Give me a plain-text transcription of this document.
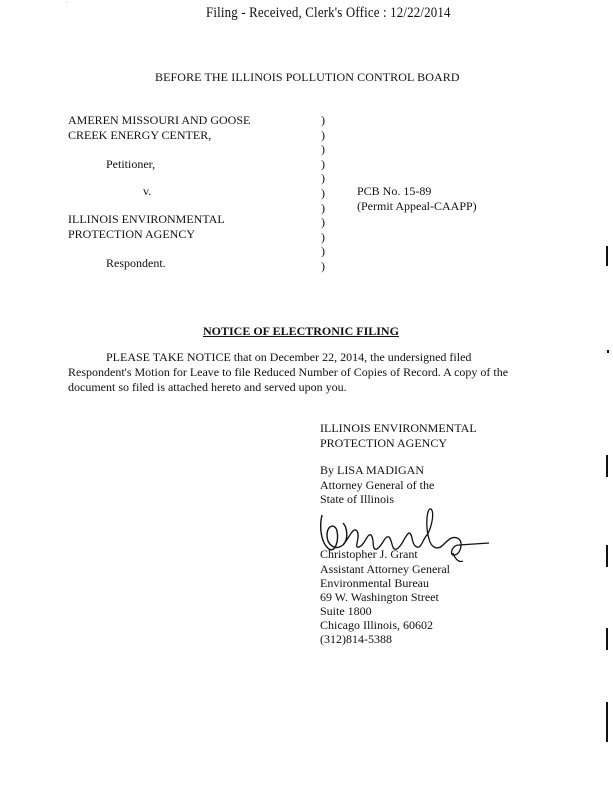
·
Filing - Received, Clerk's Office : 12/22/2014
BEFORE THE ILLINOIS POLLUTION CONTROL BOARD
AMEREN MISSOURI AND GOOSE
CREEK ENERGY CENTER,
Petitioner,
v.
ILLINOIS ENVIRONMENTAL
PROTECTION AGENCY
Respondent.
)
)
)
)
)
)
)
)
)
)
)
PCB No. 15-89
(Permit Appeal-CAAPP)
NOTICE OF ELECTRONIC FILING
PLEASE TAKE NOTICE that on December 22, 2014, the undersigned filed Respondent's Motion for Leave to file Reduced Number of Copies of Record. A copy of the document so filed is attached hereto and served upon you.
ILLINOIS ENVIRONMENTAL
PROTECTION AGENCY
By LISA MADIGAN
Attorney General of the
State of Illinois
Christopher J. Grant
Assistant Attorney General
Environmental Bureau
69 W. Washington Street
Suite 1800
Chicago Illinois, 60602
(312)814-5388
